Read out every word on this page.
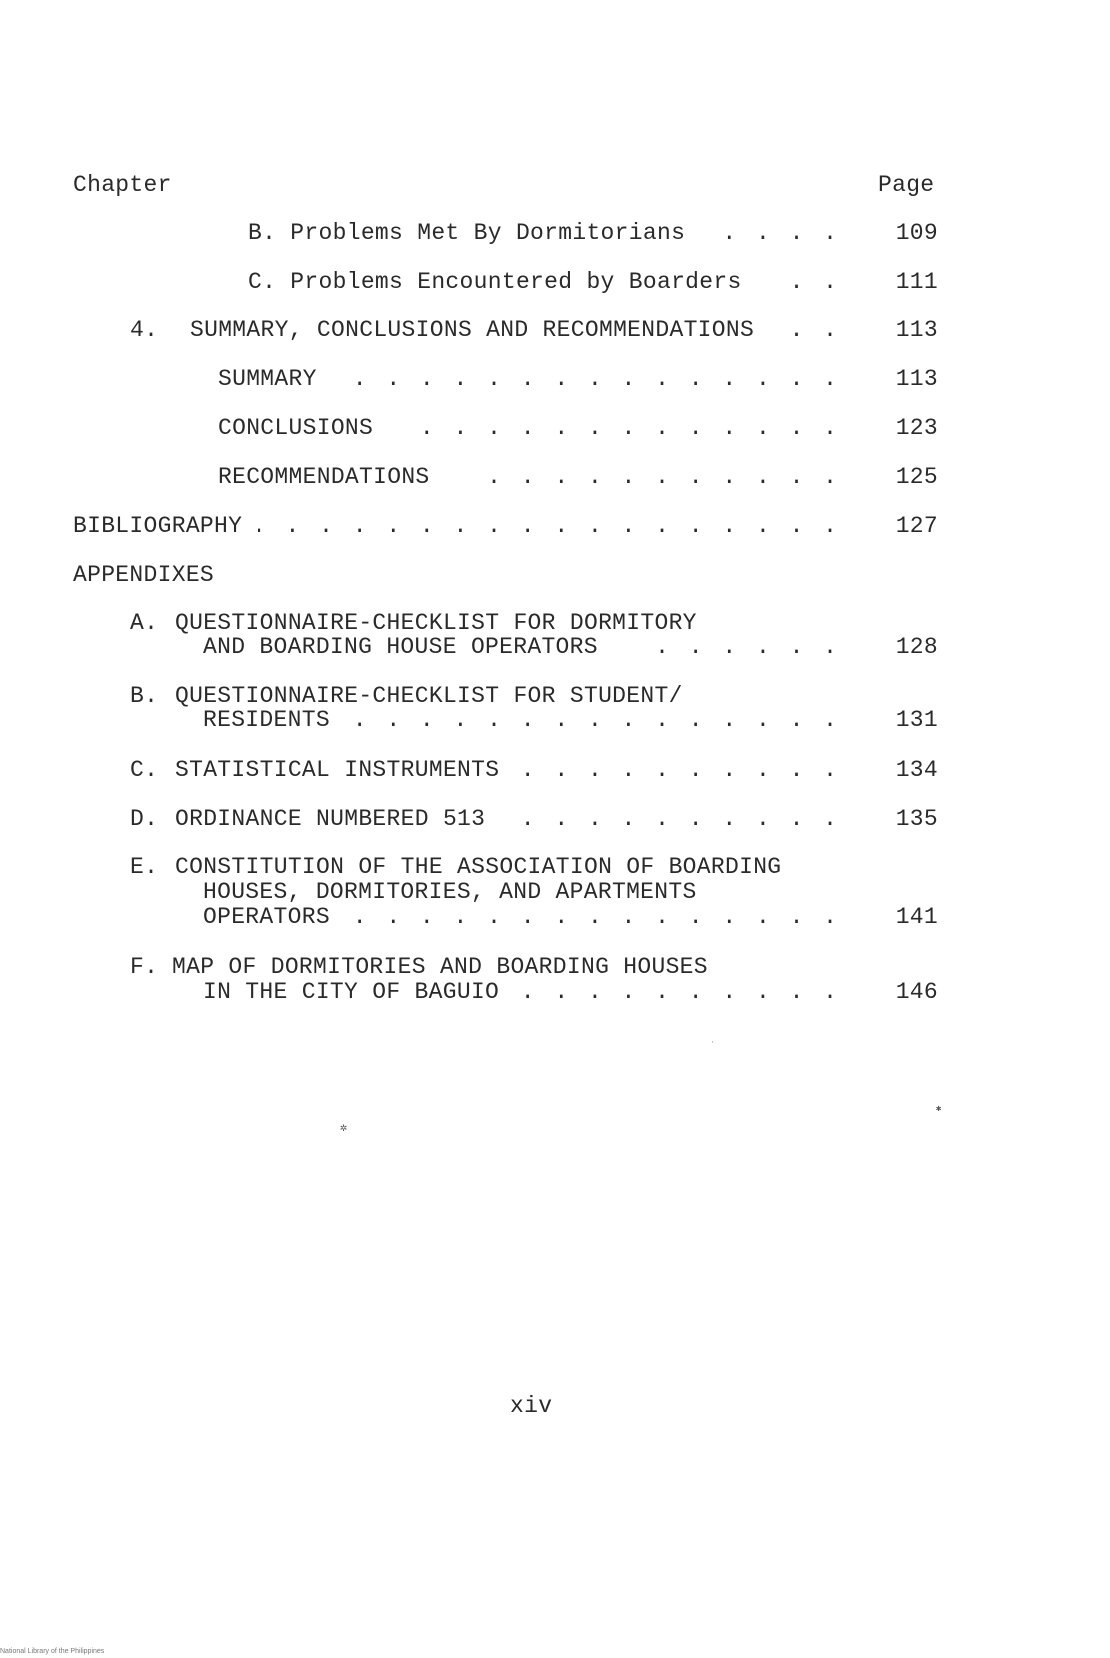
Chapter	Page
B. Problems Met By Dormitorians . . .	109
C. Problems Encountered by Boarders . . .	111
4. SUMMARY, CONCLUSIONS AND RECOMMENDATIONS . . .	113
SUMMARY . . .	113
CONCLUSIONS . . .	123
RECOMMENDATIONS . . .	125
BIBLIOGRAPHY . . .	127
APPENDIXES
A. QUESTIONNAIRE-CHECKLIST FOR DORMITORY
AND BOARDING HOUSE OPERATORS . . .	128
B. QUESTIONNAIRE-CHECKLIST FOR STUDENT/
RESIDENTS . . .	131
C. STATISTICAL INSTRUMENTS . . .	134
D. ORDINANCE NUMBERED 513 . . .	135
E. CONSTITUTION OF THE ASSOCIATION OF BOARDING
HOUSES, DORMITORIES, AND APARTMENTS
OPERATORS . . .	141
F. MAP OF DORMITORIES AND BOARDING HOUSES
IN THE CITY OF BAGUIO . . .	146
✲
✱
·
xiv
National Library of the Philippines
